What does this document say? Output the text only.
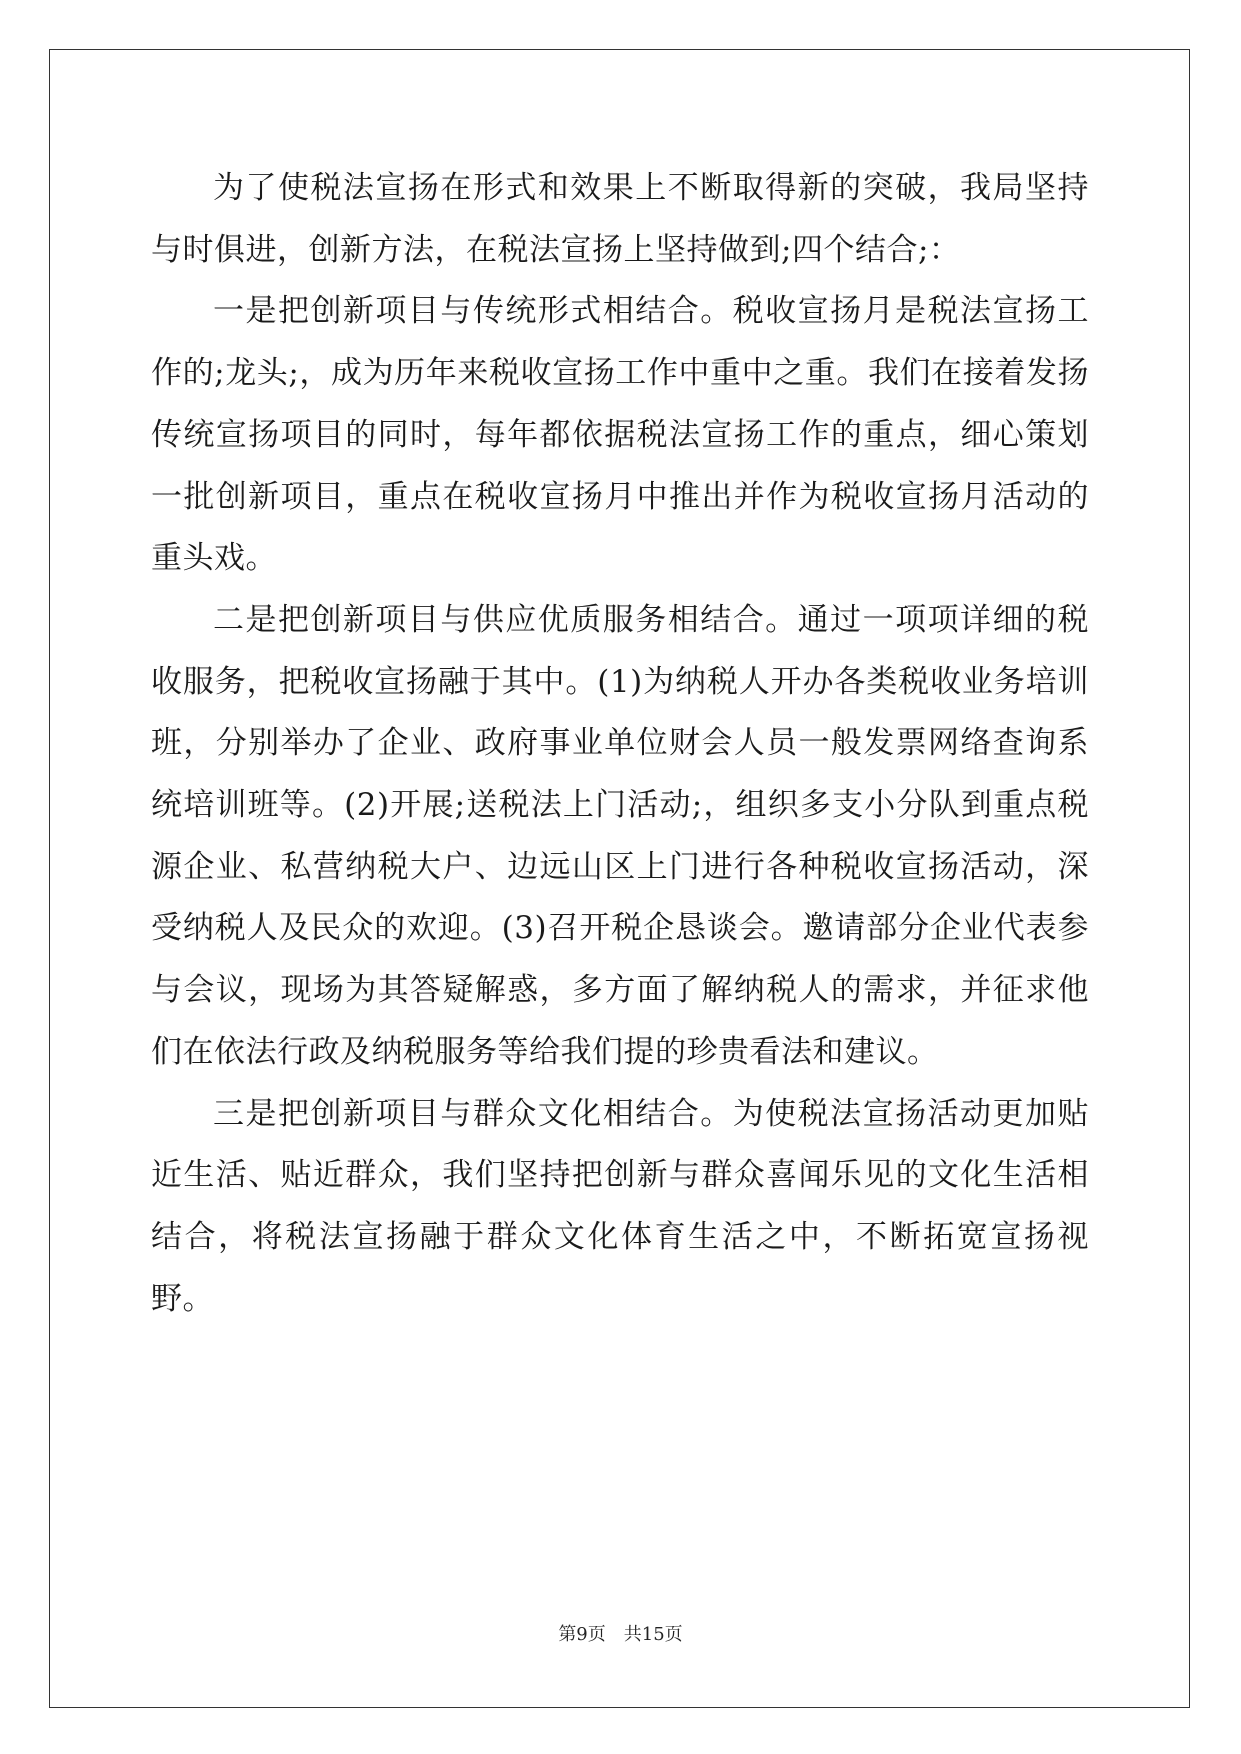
为了使税法宣扬在形式和效果上不断取得新的突破，我局坚持与时俱进，创新方法，在税法宣扬上坚持做到;四个结合;：

一是把创新项目与传统形式相结合。税收宣扬月是税法宣扬工作的;龙头;，成为历年来税收宣扬工作中重中之重。我们在接着发扬传统宣扬项目的同时，每年都依据税法宣扬工作的重点，细心策划一批创新项目，重点在税收宣扬月中推出并作为税收宣扬月活动的重头戏。

二是把创新项目与供应优质服务相结合。通过一项项详细的税收服务，把税收宣扬融于其中。(1)为纳税人开办各类税收业务培训班，分别举办了企业、政府事业单位财会人员一般发票网络查询系统培训班等。(2)开展;送税法上门活动;，组织多支小分队到重点税源企业、私营纳税大户、边远山区上门进行各种税收宣扬活动，深受纳税人及民众的欢迎。(3)召开税企恳谈会。邀请部分企业代表参与会议，现场为其答疑解惑，多方面了解纳税人的需求，并征求他们在依法行政及纳税服务等给我们提的珍贵看法和建议。

三是把创新项目与群众文化相结合。为使税法宣扬活动更加贴近生活、贴近群众，我们坚持把创新与群众喜闻乐见的文化生活相结合，将税法宣扬融于群众文化体育生活之中，不断拓宽宣扬视野。

第9页 共15页
